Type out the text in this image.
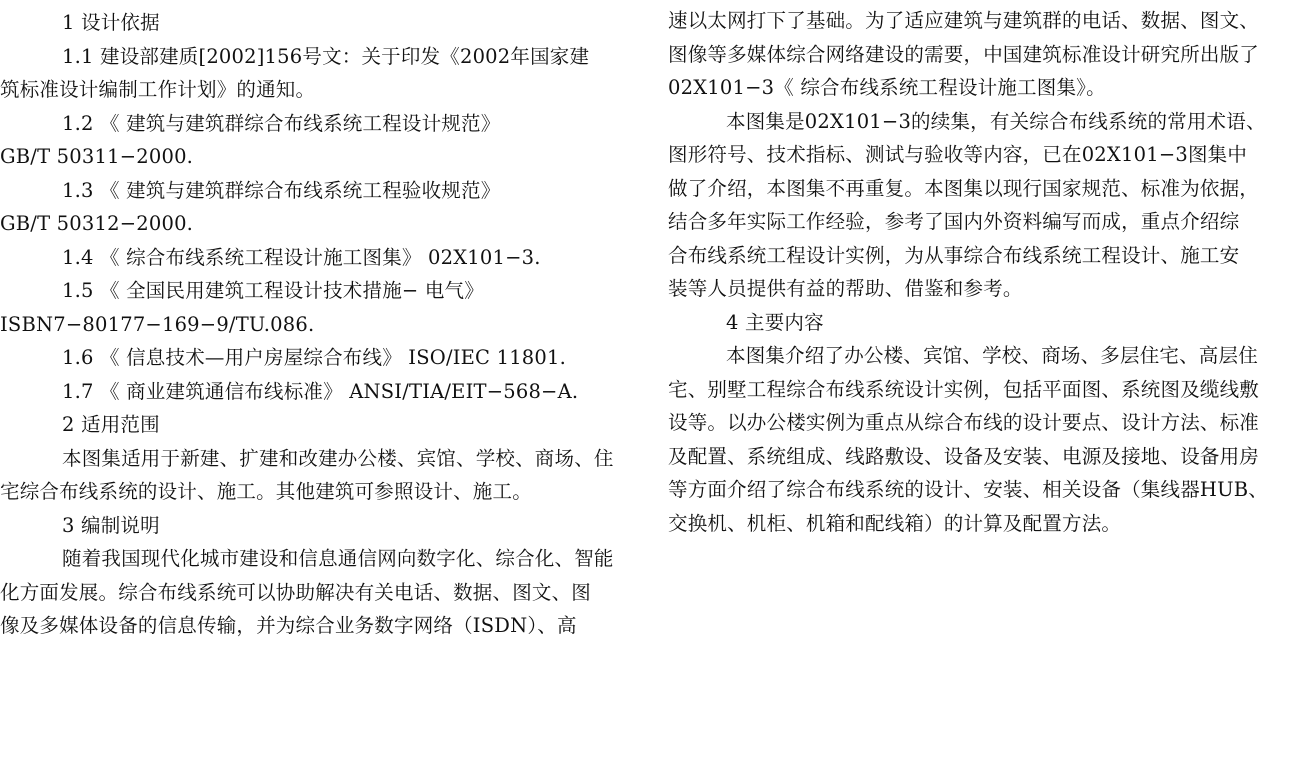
1 设计依据
1.1 建设部建质[2002]156号文：关于印发《2002年国家建
筑标准设计编制工作计划》的通知。
1.2 《 建筑与建筑群综合布线系统工程设计规范》
GB/T 50311−2000.
1.3 《 建筑与建筑群综合布线系统工程验收规范》
GB/T 50312−2000.
1.4 《 综合布线系统工程设计施工图集》 02X101−3.
1.5 《 全国民用建筑工程设计技术措施− 电气》
ISBN7−80177−169−9/TU.086.
1.6 《 信息技术—用户房屋综合布线》 ISO/IEC 11801.
1.7 《 商业建筑通信布线标准》 ANSI/TIA/EIT−568−A.
2 适用范围
本图集适用于新建、扩建和改建办公楼、宾馆、学校、商场、住
宅综合布线系统的设计、施工。其他建筑可参照设计、施工。
3 编制说明
随着我国现代化城市建设和信息通信网向数字化、综合化、智能
化方面发展。综合布线系统可以协助解决有关电话、数据、图文、图
像及多媒体设备的信息传输，并为综合业务数字网络（ISDN）、高
速以太网打下了基础。为了适应建筑与建筑群的电话、数据、图文、
图像等多媒体综合网络建设的需要，中国建筑标准设计研究所出版了
02X101−3《 综合布线系统工程设计施工图集》。
本图集是02X101−3的续集，有关综合布线系统的常用术语、
图形符号、技术指标、测试与验收等内容，已在02X101−3图集中
做了介绍，本图集不再重复。本图集以现行国家规范、标准为依据，
结合多年实际工作经验，参考了国内外资料编写而成，重点介绍综
合布线系统工程设计实例，为从事综合布线系统工程设计、施工安
装等人员提供有益的帮助、借鉴和参考。
4 主要内容
本图集介绍了办公楼、宾馆、学校、商场、多层住宅、高层住
宅、别墅工程综合布线系统设计实例，包括平面图、系统图及缆线敷
设等。以办公楼实例为重点从综合布线的设计要点、设计方法、标准
及配置、系统组成、线路敷设、设备及安装、电源及接地、设备用房
等方面介绍了综合布线系统的设计、安装、相关设备（集线器HUB、
交换机、机柜、机箱和配线箱）的计算及配置方法。
